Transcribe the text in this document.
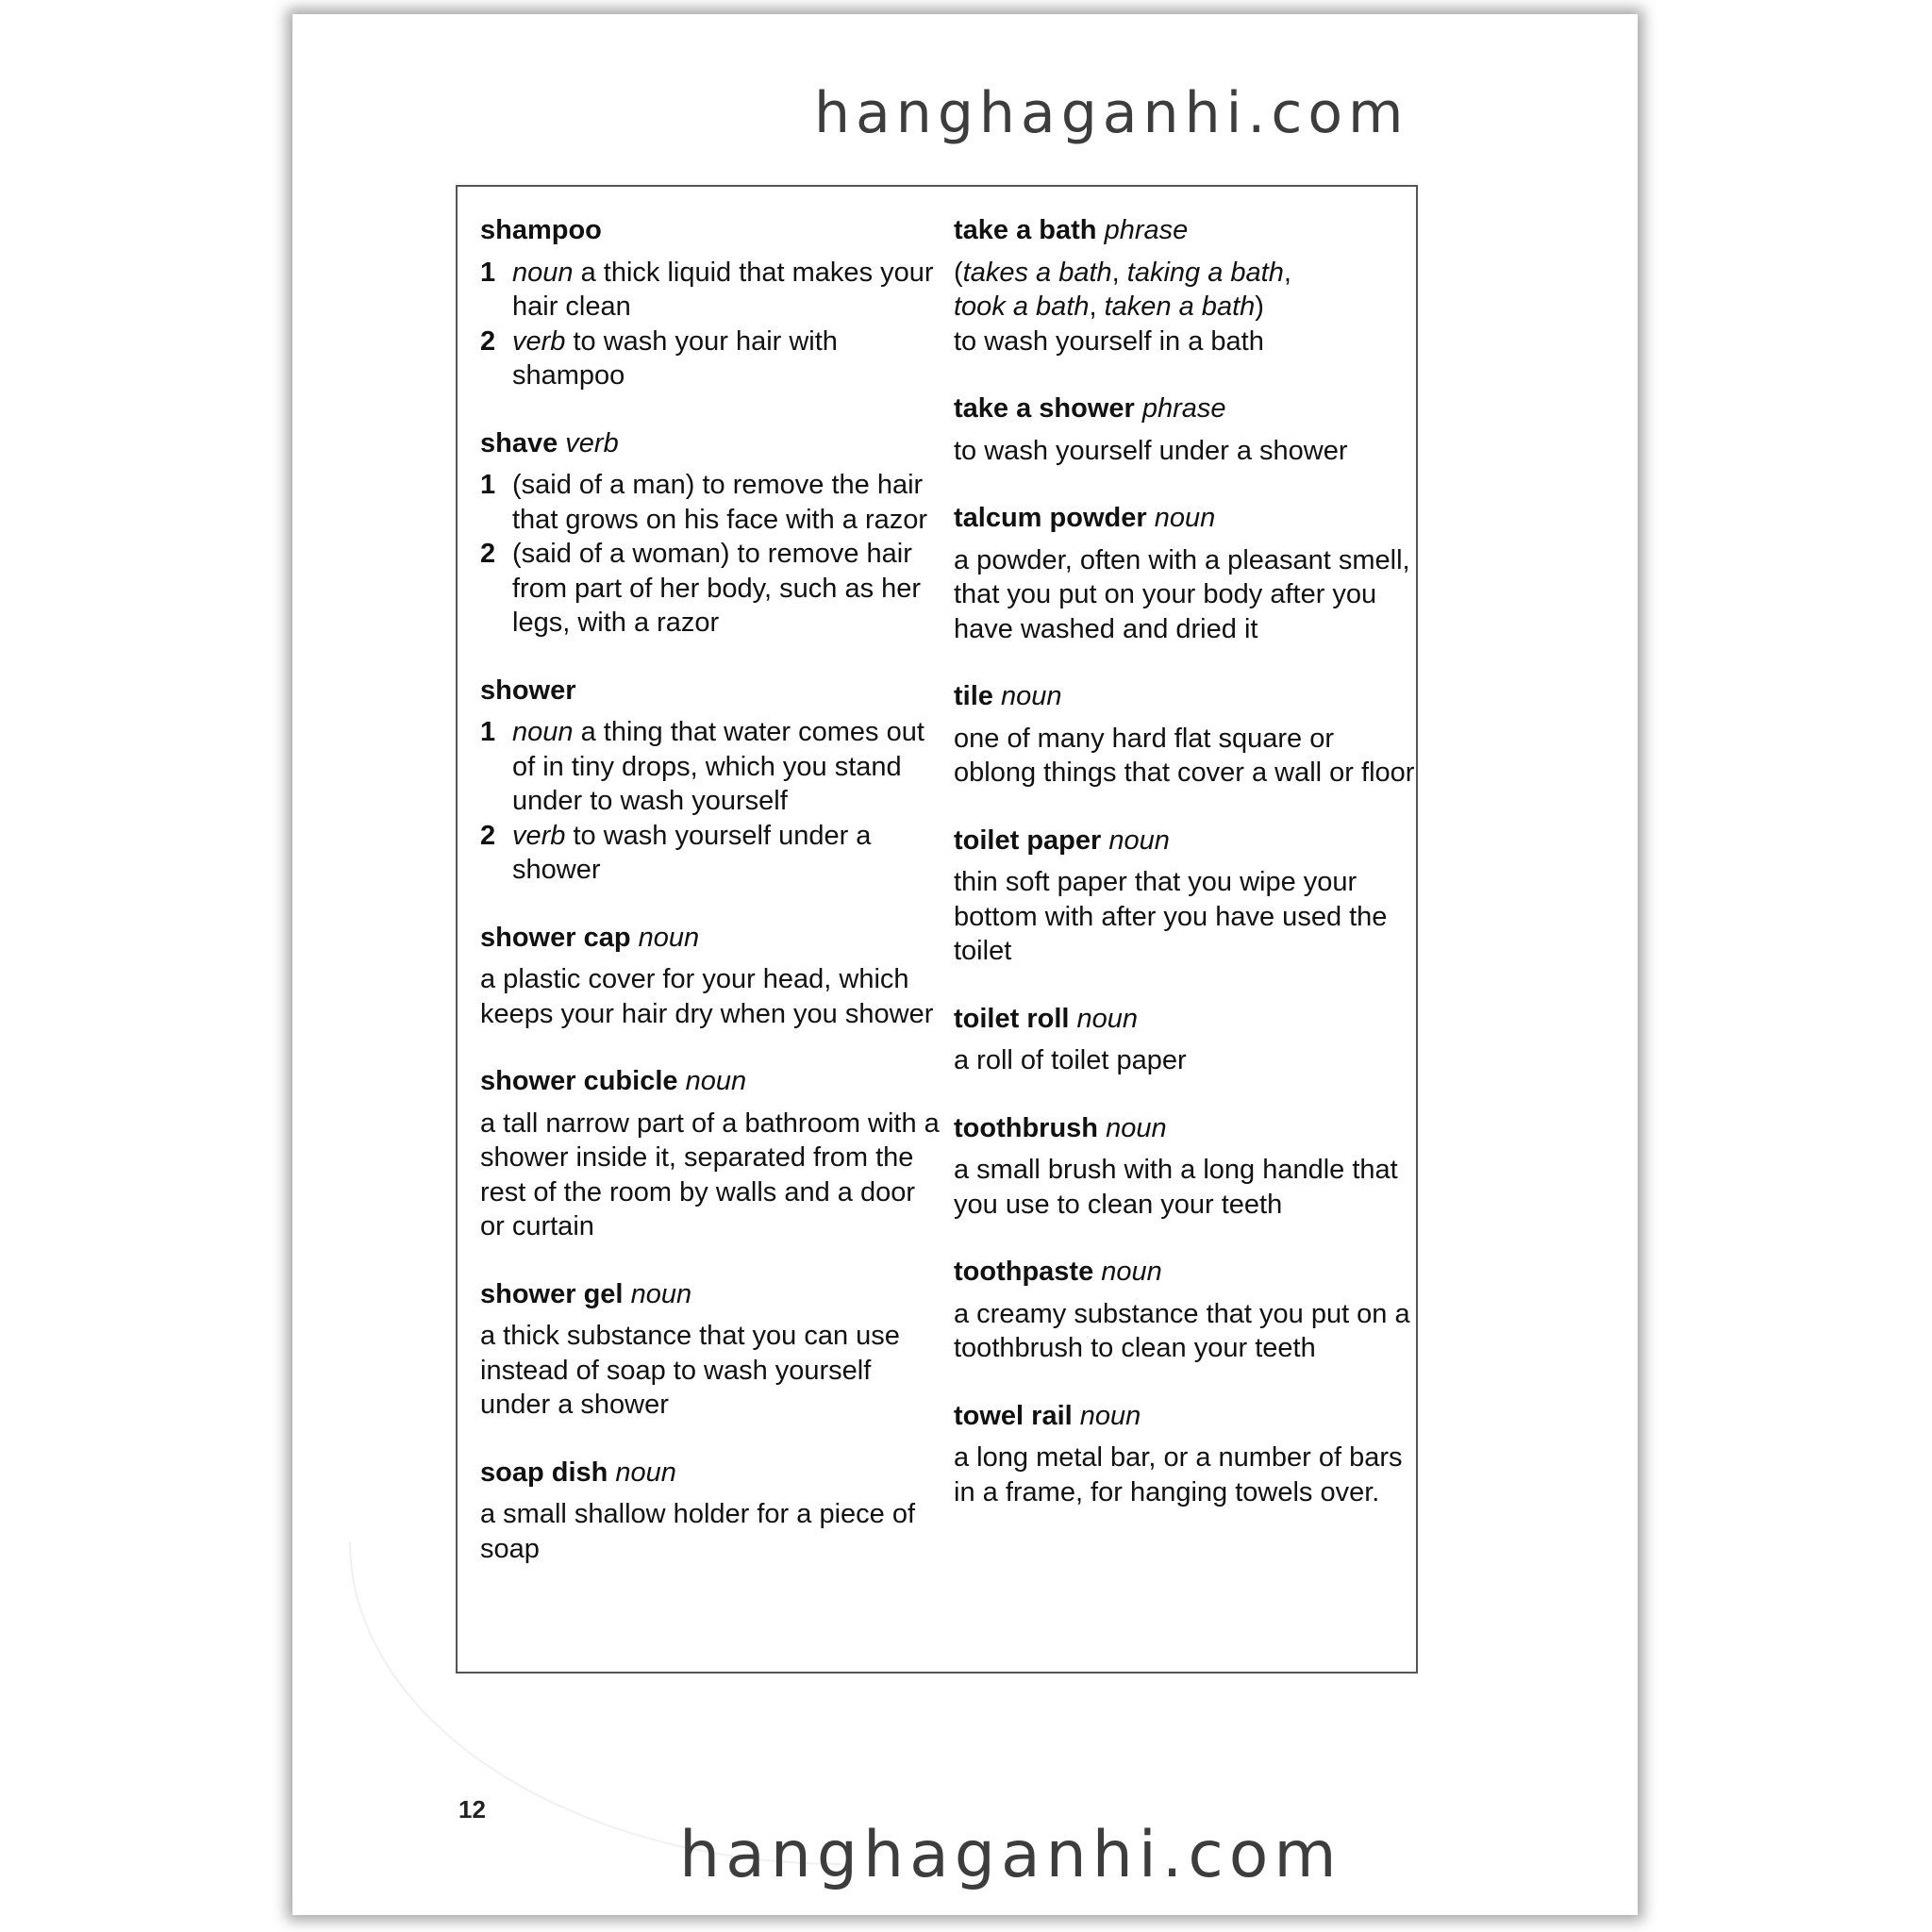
hanghaganhi.com
shampoo
1 noun a thick liquid that makes your hair clean
2 verb to wash your hair with shampoo
shave verb
1 (said of a man) to remove the hair that grows on his face with a razor
2 (said of a woman) to remove hair from part of her body, such as her legs, with a razor
shower
1 noun a thing that water comes out of in tiny drops, which you stand under to wash yourself
2 verb to wash yourself under a shower
shower cap noun
a plastic cover for your head, which keeps your hair dry when you shower
shower cubicle noun
a tall narrow part of a bathroom with a shower inside it, separated from the rest of the room by walls and a door or curtain
shower gel noun
a thick substance that you can use instead of soap to wash yourself under a shower
soap dish noun
a small shallow holder for a piece of soap
take a bath phrase
(takes a bath, taking a bath,
took a bath, taken a bath)
to wash yourself in a bath
take a shower phrase
to wash yourself under a shower
talcum powder noun
a powder, often with a pleasant smell, that you put on your body after you have washed and dried it
tile noun
one of many hard flat square or oblong things that cover a wall or floor
toilet paper noun
thin soft paper that you wipe your bottom with after you have used the toilet
toilet roll noun
a roll of toilet paper
toothbrush noun
a small brush with a long handle that you use to clean your teeth
toothpaste noun
a creamy substance that you put on a toothbrush to clean your teeth
towel rail noun
a long metal bar, or a number of bars in a frame, for hanging towels over.
12
hanghaganhi.com
